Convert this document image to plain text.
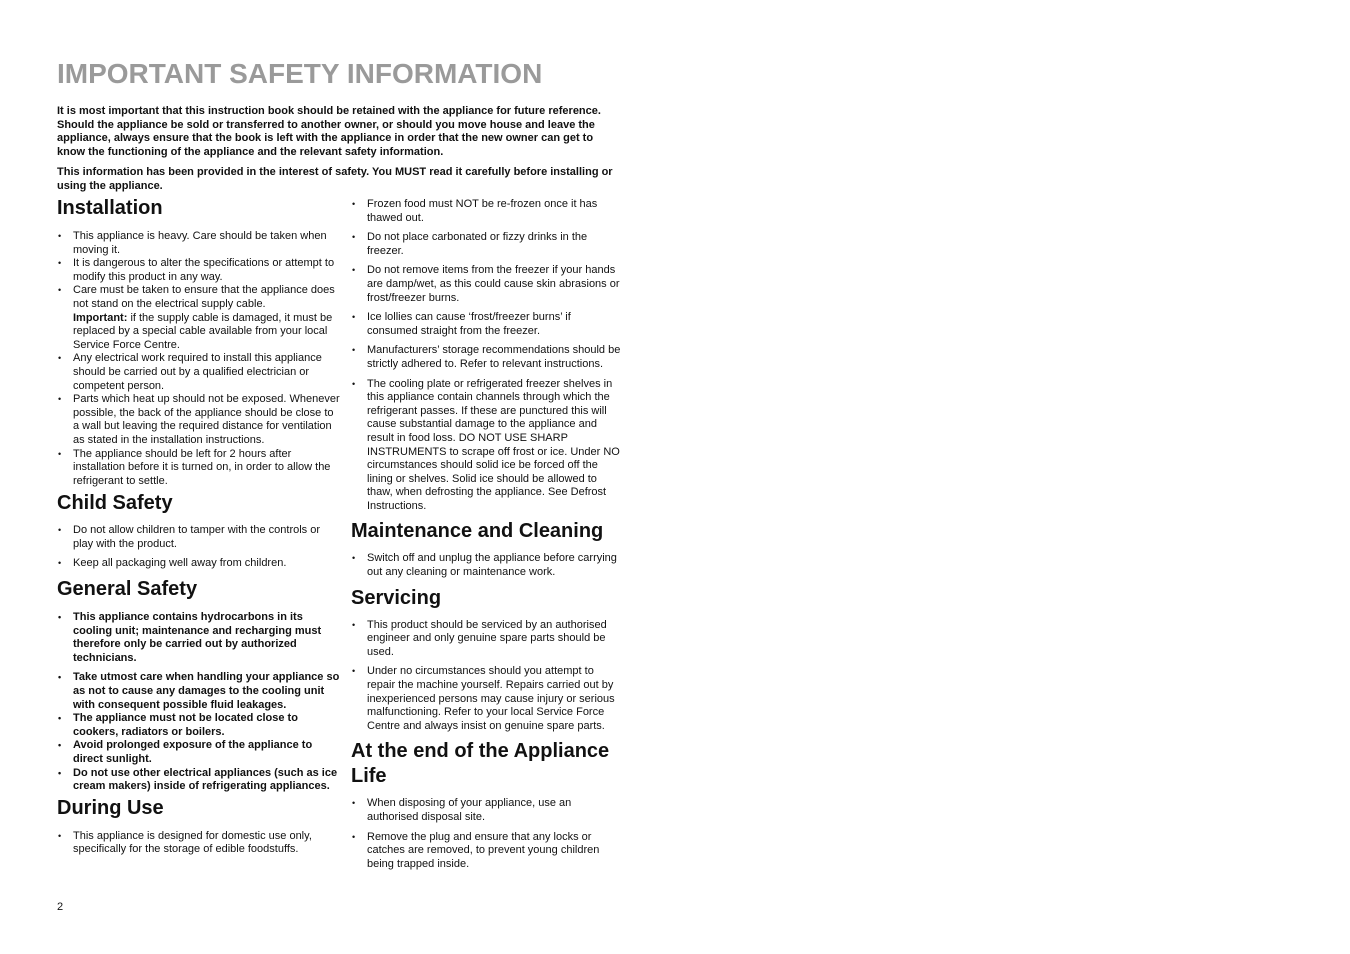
IMPORTANT SAFETY INFORMATION

It is most important that this instruction book should be retained with the appliance for future reference. Should the appliance be sold or transferred to another owner, or should you move house and leave the appliance, always ensure that the book is left with the appliance in order that the new owner can get to know the functioning of the appliance and the relevant safety information.

This information has been provided in the interest of safety. You MUST read it carefully before installing or using the appliance.

Installation
• This appliance is heavy. Care should be taken when moving it.
• It is dangerous to alter the specifications or attempt to modify this product in any way.
• Care must be taken to ensure that the appliance does not stand on the electrical supply cable.
Important: if the supply cable is damaged, it must be replaced by a special cable available from your local Service Force Centre.
• Any electrical work required to install this appliance should be carried out by a qualified electrician or competent person.
• Parts which heat up should not be exposed. Whenever possible, the back of the appliance should be close to a wall but leaving the required distance for ventilation as stated in the installation instructions.
• The appliance should be left for 2 hours after installation before it is turned on, in order to allow the refrigerant to settle.
Child Safety
• Do not allow children to tamper with the controls or play with the product.
• Keep all packaging well away from children.
General Safety
• This appliance contains hydrocarbons in its cooling unit; maintenance and recharging must therefore only be carried out by authorized technicians.
• Take utmost care when handling your appliance so as not to cause any damages to the cooling unit with consequent possible fluid leakages.
• The appliance must not be located close to cookers, radiators or boilers.
• Avoid prolonged exposure of the appliance to direct sunlight.
• Do not use other electrical appliances (such as ice cream makers) inside of refrigerating appliances.
During Use
• This appliance is designed for domestic use only, specifically for the storage of edible foodstuffs.
• Frozen food must NOT be re-frozen once it has thawed out.
• Do not place carbonated or fizzy drinks in the freezer.
• Do not remove items from the freezer if your hands are damp/wet, as this could cause skin abrasions or frost/freezer burns.
• Ice lollies can cause ‘frost/freezer burns’ if consumed straight from the freezer.
• Manufacturers’ storage recommendations should be strictly adhered to. Refer to relevant instructions.
• The cooling plate or refrigerated freezer shelves in this appliance contain channels through which the refrigerant passes. If these are punctured this will cause substantial damage to the appliance and result in food loss. DO NOT USE SHARP INSTRUMENTS to scrape off frost or ice. Under NO circumstances should solid ice be forced off the lining or shelves. Solid ice should be allowed to thaw, when defrosting the appliance. See Defrost Instructions.
Maintenance and Cleaning
• Switch off and unplug the appliance before carrying out any cleaning or maintenance work.
Servicing
• This product should be serviced by an authorised engineer and only genuine spare parts should be used.
• Under no circumstances should you attempt to repair the machine yourself. Repairs carried out by inexperienced persons may cause injury or serious malfunctioning. Refer to your local Service Force Centre and always insist on genuine spare parts.
At the end of the Appliance Life
• When disposing of your appliance, use an authorised disposal site.
• Remove the plug and ensure that any locks or catches are removed, to prevent young children being trapped inside.

2
